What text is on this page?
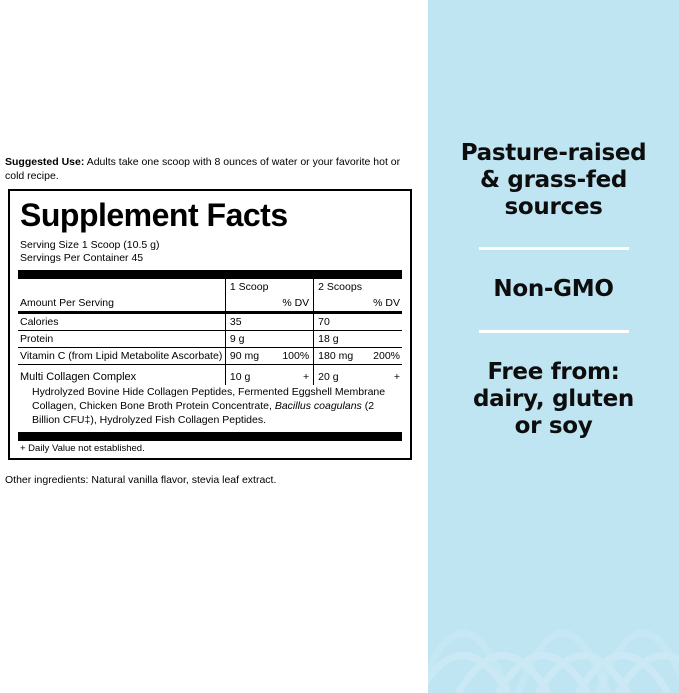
Suggested Use: Adults take one scoop with 8 ounces of water or your favorite hot or cold recipe.
Supplement Facts
Serving Size 1 Scoop (10.5 g)
Servings Per Container 45
	1 Scoop		2 Scoops	
Amount Per Serving		% DV		% DV
Calories	35		70	
Protein	9 g		18 g	
Vitamin C (from Lipid Metabolite Ascorbate)	90 mg	100%	180 mg	200%
Multi Collagen Complex	10 g	+	20 g	+
Hydrolyzed Bovine Hide Collagen Peptides, Fermented Eggshell Membrane Collagen, Chicken Bone Broth Protein Concentrate, Bacillus coagulans (2 Billion CFU‡), Hydrolyzed Fish Collagen Peptides.
+ Daily Value not established.
Other ingredients: Natural vanilla flavor, stevia leaf extract.
Pasture-raised
& grass-fed
sources
Non-GMO
Free from:
dairy, gluten
or soy
